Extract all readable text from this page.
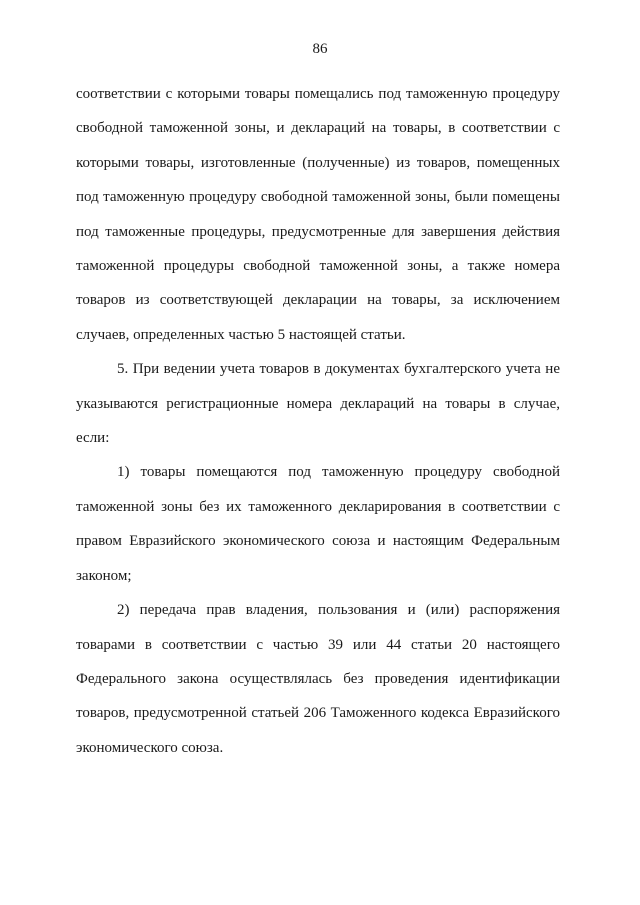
86
соответствии с которыми товары помещались под таможенную процедуру
свободной таможенной зоны, и деклараций на товары, в соответствии с
которыми товары, изготовленные (полученные) из товаров, помещенных
под таможенную процедуру свободной таможенной зоны, были помещены
под таможенные процедуры, предусмотренные для завершения действия
таможенной процедуры свободной таможенной зоны, а также номера
товаров из соответствующей декларации на товары, за исключением
случаев, определенных частью 5 настоящей статьи.
5. При ведении учета товаров в документах бухгалтерского учета не
указываются регистрационные номера деклараций на товары в случае,
если:
1) товары помещаются под таможенную процедуру свободной
таможенной зоны без их таможенного декларирования в соответствии с
правом Евразийского экономического союза и настоящим Федеральным
законом;
2) передача прав владения, пользования и (или) распоряжения
товарами в соответствии с частью 39 или 44 статьи 20 настоящего
Федерального закона осуществлялась без проведения идентификации
товаров, предусмотренной статьей 206 Таможенного кодекса Евразийского
экономического союза.
